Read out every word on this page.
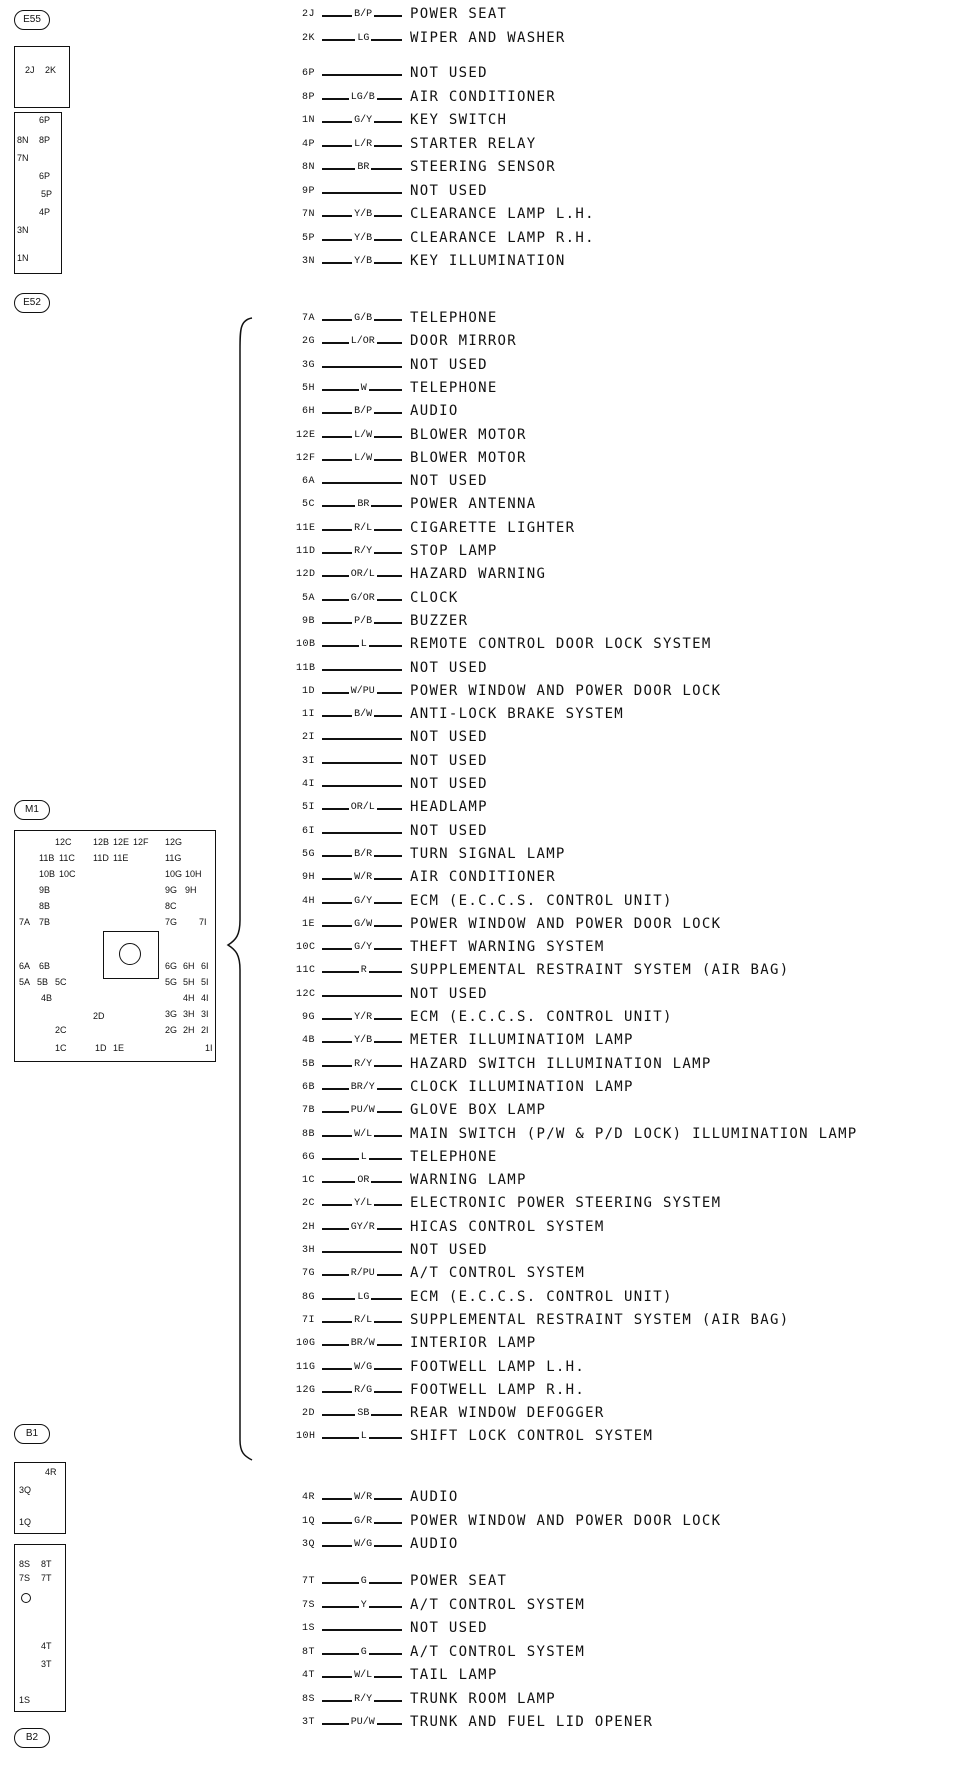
E55
E52
M1
B1
B2
2J 2K
6P
8N 8P
7N
6P
5P
4P
3N
1N
12C 12B 12E 12F 12G
11B 11C 11D 11E	11G
10B 10C	10G 10H
9B	9G 9H
8B	8C
7A 7B	7G 7I
6A 6B	6G 6H 6I
5A 5B 5C	5G 5H 5I
4B	4H 4I
3G 3H 3I
2C
2D
2G 2H 2I
1C	1D 1E	1I
4R
3Q
1Q
8S 8T
7S 7T
4T
3T
1S
2J	B/P	POWER SEAT
2K	LG	WIPER AND WASHER
6P	NOT USED
8P	LG/B	AIR CONDITIONER
1N	G/Y	KEY SWITCH
4P	L/R	STARTER RELAY
8N	BR	STEERING SENSOR
9P	NOT USED
7N	Y/B	CLEARANCE LAMP L.H.
5P	Y/B	CLEARANCE LAMP R.H.
3N	Y/B	KEY ILLUMINATION
7A	G/B	TELEPHONE
2G	L/OR	DOOR MIRROR
3G	NOT USED
5H	W	TELEPHONE
6H	B/P	AUDIO
12E	L/W	BLOWER MOTOR
12F	L/W	BLOWER MOTOR
6A	NOT USED
5C	BR	POWER ANTENNA
11E	R/L	CIGARETTE LIGHTER
11D	R/Y	STOP LAMP
12D	OR/L	HAZARD WARNING
5A	G/OR	CLOCK
9B	P/B	BUZZER
10B	L	REMOTE CONTROL DOOR LOCK SYSTEM
11B	NOT USED
1D	W/PU	POWER WINDOW AND POWER DOOR LOCK
1I	B/W	ANTI-LOCK BRAKE SYSTEM
2I	NOT USED
3I	NOT USED
4I	NOT USED
5I	OR/L	HEADLAMP
6I	NOT USED
5G	B/R	TURN SIGNAL LAMP
9H	W/R	AIR CONDITIONER
4H	G/Y	ECM (E.C.C.S. CONTROL UNIT)
1E	G/W	POWER WINDOW AND POWER DOOR LOCK
10C	G/Y	THEFT WARNING SYSTEM
11C	R	SUPPLEMENTAL RESTRAINT SYSTEM (AIR BAG)
12C	NOT USED
9G	Y/R	ECM (E.C.C.S. CONTROL UNIT)
4B	Y/B	METER ILLUMINATIOM LAMP
5B	R/Y	HAZARD SWITCH ILLUMINATION LAMP
6B	BR/Y	CLOCK ILLUMINATION LAMP
7B	PU/W	GLOVE BOX LAMP
8B	W/L	MAIN SWITCH (P/W & P/D LOCK) ILLUMINATION LAMP
6G	L	TELEPHONE
1C	OR	WARNING LAMP
2C	Y/L	ELECTRONIC POWER STEERING SYSTEM
2H	GY/R	HICAS CONTROL SYSTEM
3H	NOT USED
7G	R/PU	A/T CONTROL SYSTEM
8G	LG	ECM (E.C.C.S. CONTROL UNIT)
7I	R/L	SUPPLEMENTAL RESTRAINT SYSTEM (AIR BAG)
10G	BR/W	INTERIOR LAMP
11G	W/G	FOOTWELL LAMP L.H.
12G	R/G	FOOTWELL LAMP R.H.
2D	SB	REAR WINDOW DEFOGGER
10H	L	SHIFT LOCK CONTROL SYSTEM
4R	W/R	AUDIO
1Q	G/R	POWER WINDOW AND POWER DOOR LOCK
3Q	W/G	AUDIO
7T	G	POWER SEAT
7S	Y	A/T CONTROL SYSTEM
1S	NOT USED
8T	G	A/T CONTROL SYSTEM
4T	W/L	TAIL LAMP
8S	R/Y	TRUNK ROOM LAMP
3T	PU/W	TRUNK AND FUEL LID OPENER
